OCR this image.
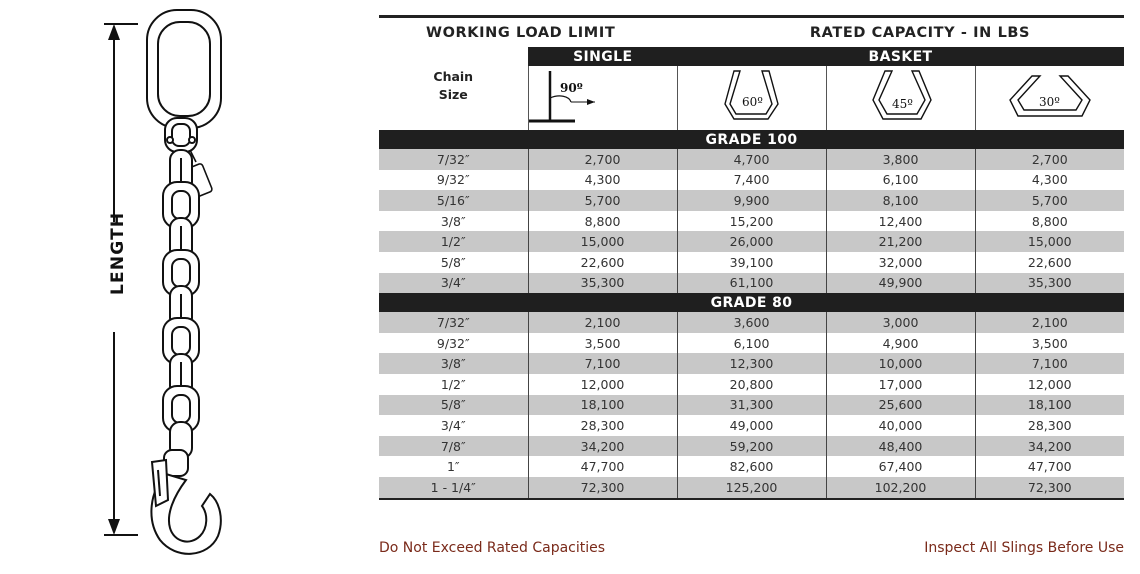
LENGTH
WORKING LOAD LIMIT		RATED CAPACITY - IN LBS		
	SINGLE	BASKET		

Chain
Size	90º	60º	45º	30º

GRADE 100				
7/32″	2,700	4,700	3,800	2,700
9/32″	4,300	7,400	6,100	4,300
5/16″	5,700	9,900	8,100	5,700
3/8″	8,800	15,200	12,400	8,800
1/2″	15,000	26,000	21,200	15,000
5/8″	22,600	39,100	32,000	22,600
3/4″	35,300	61,100	49,900	35,300
GRADE 80				
7/32″	2,100	3,600	3,000	2,100
9/32″	3,500	6,100	4,900	3,500
3/8″	7,100	12,300	10,000	7,100
1/2″	12,000	20,800	17,000	12,000
5/8″	18,100	31,300	25,600	18,100
3/4″	28,300	49,000	40,000	28,300
7/8″	34,200	59,200	48,400	34,200
1″	47,700	82,600	67,400	47,700
1 - 1/4″	72,300	125,200	102,200	72,300
Do Not Exceed Rated Capacities	Inspect All Slings Before Use
